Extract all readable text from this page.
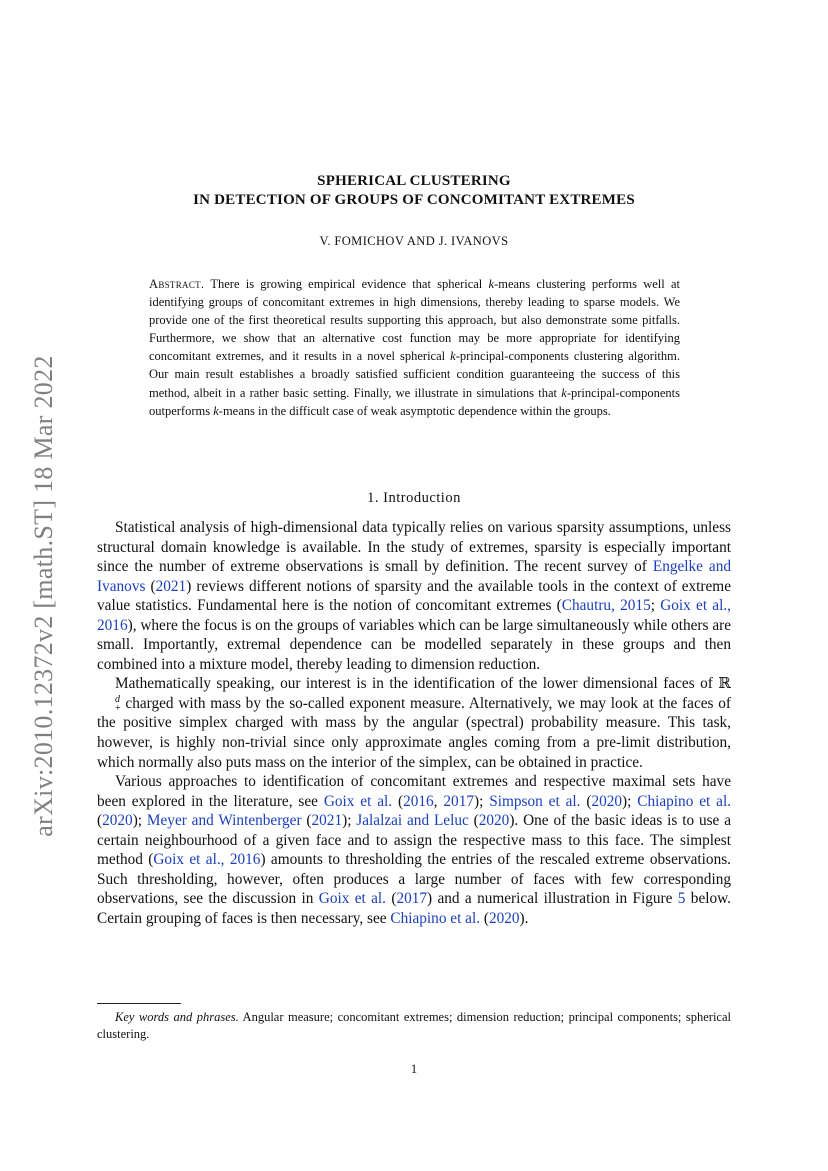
arXiv:2010.12372v2 [math.ST] 18 Mar 2022
SPHERICAL CLUSTERING
IN DETECTION OF GROUPS OF CONCOMITANT EXTREMES
V. FOMICHOV AND J. IVANOVS
Abstract. There is growing empirical evidence that spherical k-means clustering performs well at identifying groups of concomitant extremes in high dimensions, thereby leading to sparse models. We provide one of the first theoretical results supporting this approach, but also demonstrate some pitfalls. Furthermore, we show that an alternative cost function may be more appropriate for identifying concomitant extremes, and it results in a novel spherical k-principal-components clustering algorithm. Our main result establishes a broadly satisfied sufficient condition guaranteeing the success of this method, albeit in a rather basic setting. Finally, we illustrate in simulations that k-principal-components outperforms k-means in the difficult case of weak asymptotic dependence within the groups.
1. Introduction

Statistical analysis of high-dimensional data typically relies on various sparsity assumptions, unless structural domain knowledge is available. In the study of extremes, sparsity is especially important since the number of extreme observations is small by definition. The recent survey of Engelke and Ivanovs (2021) reviews different notions of sparsity and the available tools in the context of extreme value statistics. Fundamental here is the notion of concomitant extremes (Chautru, 2015; Goix et al., 2016), where the focus is on the groups of variables which can be large simultaneously while others are small. Importantly, extremal dependence can be modelled separately in these groups and then combined into a mixture model, thereby leading to dimension reduction.

Mathematically speaking, our interest is in the identification of the lower dimensional faces of ℝ
d
+ charged with mass by the so-called exponent measure. Alternatively, we may look at the faces of the positive simplex charged with mass by the angular (spectral) probability measure. This task, however, is highly non-trivial since only approximate angles coming from a pre-limit distribution, which normally also puts mass on the interior of the simplex, can be obtained in practice.

Various approaches to identification of concomitant extremes and respective maximal sets have been explored in the literature, see Goix et al. (2016, 2017); Simpson et al. (2020); Chiapino et al. (2020); Meyer and Wintenberger (2021); Jalalzai and Leluc (2020). One of the basic ideas is to use a certain neighbourhood of a given face and to assign the respective mass to this face. The simplest method (Goix et al., 2016) amounts to thresholding the entries of the rescaled extreme observations. Such thresholding, however, often produces a large number of faces with few corresponding observations, see the discussion in Goix et al. (2017) and a numerical illustration in Figure 5 below. Certain grouping of faces is then necessary, see Chiapino et al. (2020).

Key words and phrases. Angular measure; concomitant extremes; dimension reduction; principal components; spherical clustering.
1
